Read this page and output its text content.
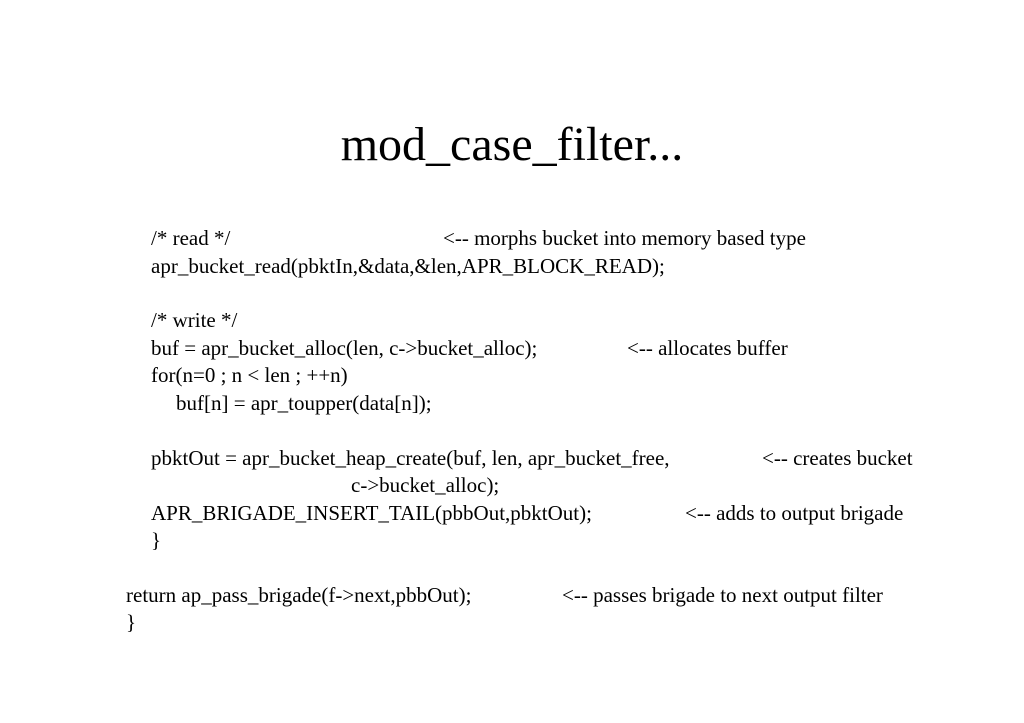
mod_case_filter...
/* read */	<-- morphs bucket into memory based type
apr_bucket_read(pbktIn,&data,&len,APR_BLOCK_READ);
/* write */
buf = apr_bucket_alloc(len, c->bucket_alloc);	<-- allocates buffer
for(n=0 ; n < len ; ++n)
buf[n] = apr_toupper(data[n]);
pbktOut = apr_bucket_heap_create(buf, len, apr_bucket_free,	<-- creates bucket
c->bucket_alloc);
APR_BRIGADE_INSERT_TAIL(pbbOut,pbktOut);	<-- adds to output brigade
}
return ap_pass_brigade(f->next,pbbOut);	<-- passes brigade to next output filter
}
